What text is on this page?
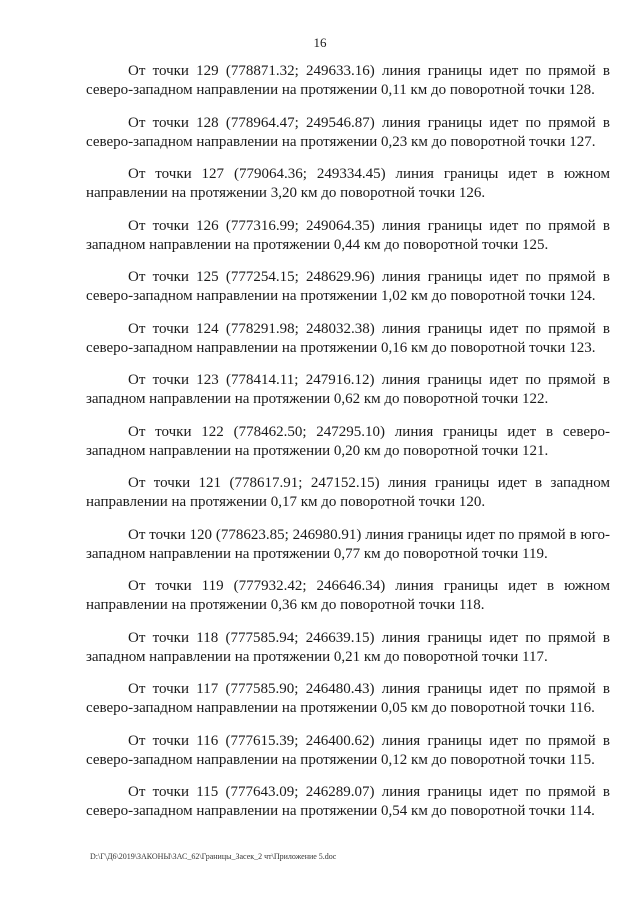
16

От точки 129 (778871.32; 249633.16) линия границы идет по прямой в северо-западном направлении на протяжении 0,11 км до поворотной точки 128.

От точки 128 (778964.47; 249546.87) линия границы идет по прямой в северо-западном направлении на протяжении 0,23 км до поворотной точки 127.

От точки 127 (779064.36; 249334.45) линия границы идет в южном направлении на протяжении 3,20 км до поворотной точки 126.

От точки 126 (777316.99; 249064.35) линия границы идет по прямой в западном направлении на протяжении 0,44 км до поворотной точки 125.

От точки 125 (777254.15; 248629.96) линия границы идет по прямой в северо-западном направлении на протяжении 1,02 км до поворотной точки 124.

От точки 124 (778291.98; 248032.38) линия границы идет по прямой в северо-западном направлении на протяжении 0,16 км до поворотной точки 123.

От точки 123 (778414.11; 247916.12) линия границы идет по прямой в западном направлении на протяжении 0,62 км до поворотной точки 122.

От точки 122 (778462.50; 247295.10) линия границы идет в северо-западном направлении на протяжении 0,20 км до поворотной точки 121.

От точки 121 (778617.91; 247152.15) линия границы идет в западном направлении на протяжении 0,17 км до поворотной точки 120.

От точки 120 (778623.85; 246980.91) линия границы идет по прямой в юго-западном направлении на протяжении 0,77 км до поворотной точки 119.

От точки 119 (777932.42; 246646.34) линия границы идет в южном направлении на протяжении 0,36 км до поворотной точки 118.

От точки 118 (777585.94; 246639.15) линия границы идет по прямой в западном направлении на протяжении 0,21 км до поворотной точки 117.

От точки 117 (777585.90; 246480.43) линия границы идет по прямой в северо-западном направлении на протяжении 0,05 км до поворотной точки 116.

От точки 116 (777615.39; 246400.62) линия границы идет по прямой в северо-западном направлении на протяжении 0,12 км до поворотной точки 115.

От точки 115 (777643.09; 246289.07) линия границы идет по прямой в северо-западном направлении на протяжении 0,54 км до поворотной точки 114.

D:\Г\Д6\2019\ЗАКОНЫ\ЗАС_62\Границы_Засек_2 чт\Приложение 5.doc
